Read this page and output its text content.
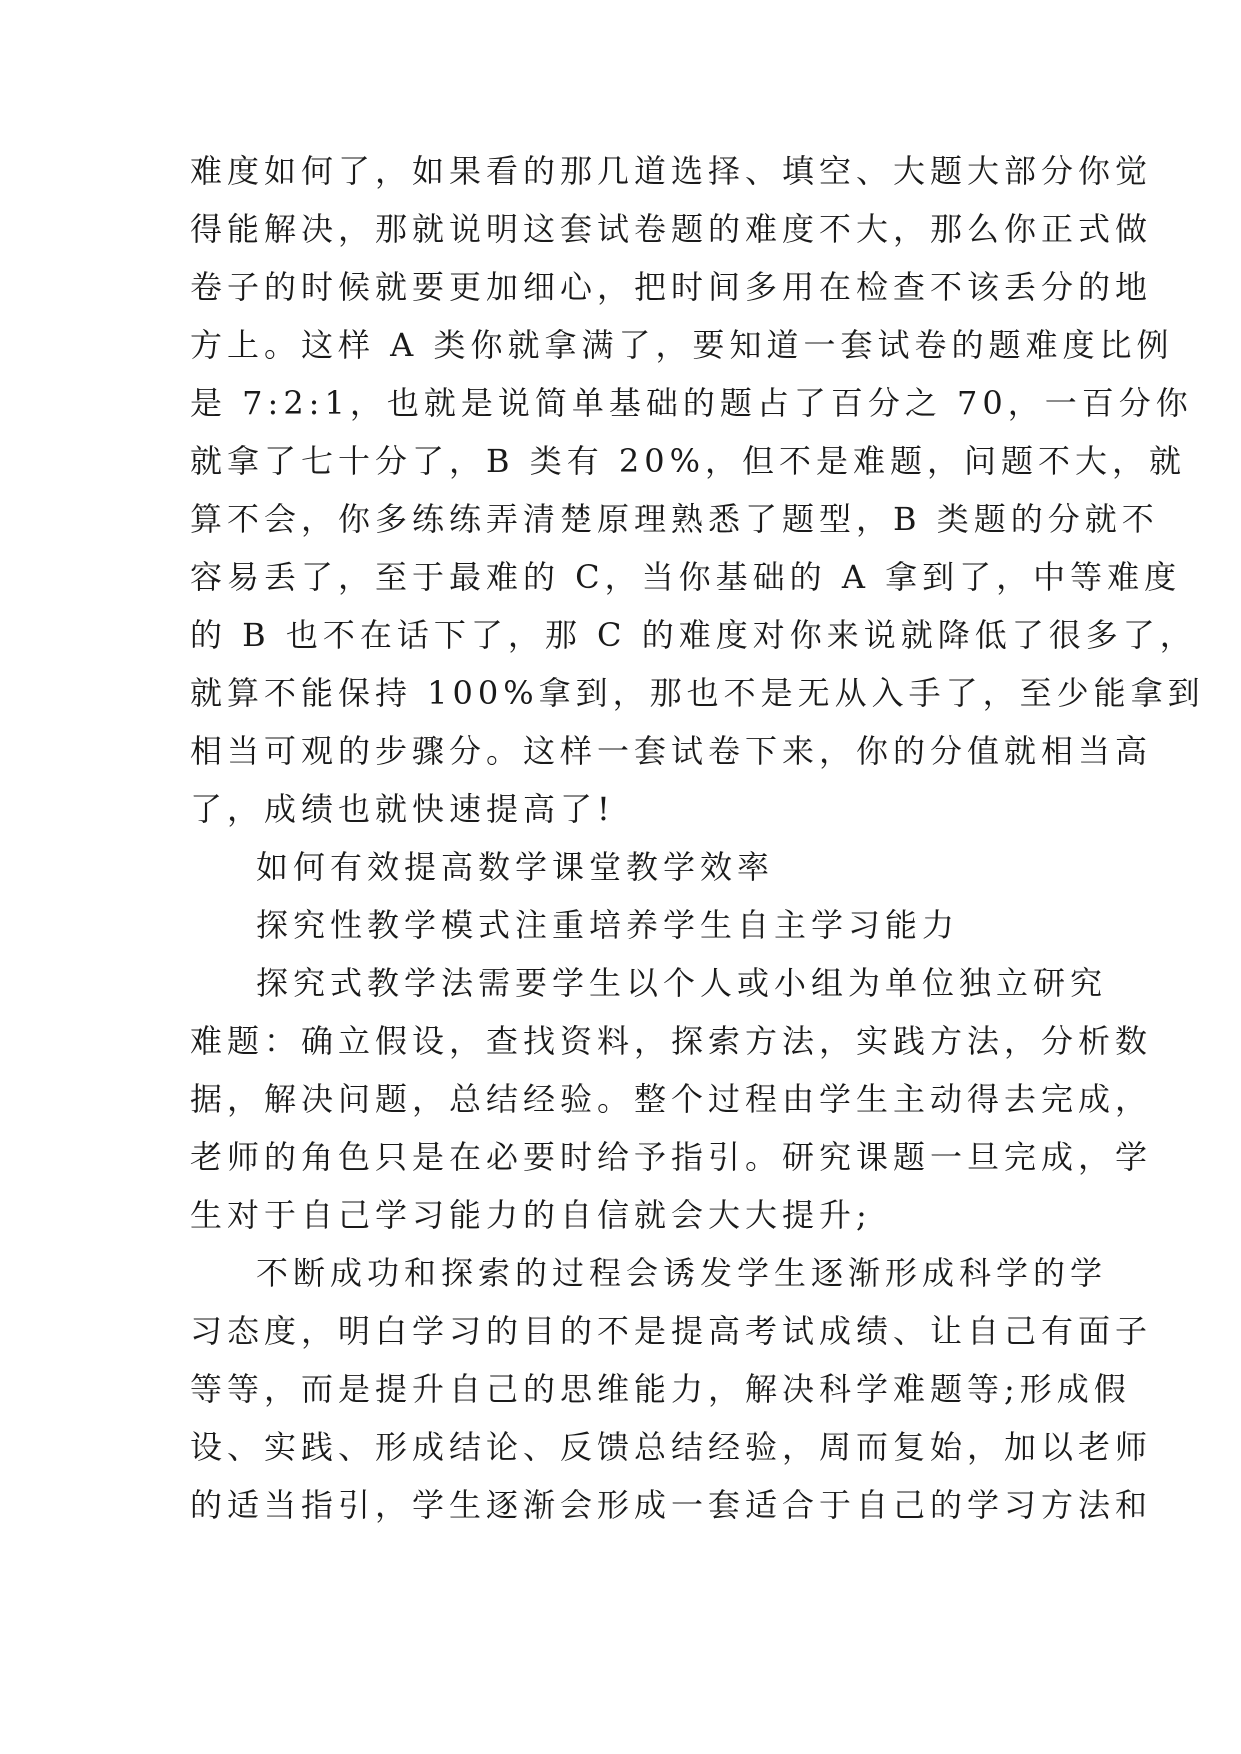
难度如何了，如果看的那几道选择、填空、大题大部分你觉
得能解决，那就说明这套试卷题的难度不大，那么你正式做
卷子的时候就要更加细心，把时间多用在检查不该丢分的地
方上。这样 A 类你就拿满了，要知道一套试卷的题难度比例
是 7:2:1，也就是说简单基础的题占了百分之 70，一百分你
就拿了七十分了，B 类有 20%，但不是难题，问题不大，就
算不会，你多练练弄清楚原理熟悉了题型，B 类题的分就不
容易丢了，至于最难的 C，当你基础的 A 拿到了，中等难度
的 B 也不在话下了，那 C 的难度对你来说就降低了很多了，
就算不能保持 100%拿到，那也不是无从入手了，至少能拿到
相当可观的步骤分。这样一套试卷下来，你的分值就相当高
了，成绩也就快速提高了!
如何有效提高数学课堂教学效率
探究性教学模式注重培养学生自主学习能力
探究式教学法需要学生以个人或小组为单位独立研究
难题：确立假设，查找资料，探索方法，实践方法，分析数
据，解决问题，总结经验。整个过程由学生主动得去完成，
老师的角色只是在必要时给予指引。研究课题一旦完成，学
生对于自己学习能力的自信就会大大提升;
不断成功和探索的过程会诱发学生逐渐形成科学的学
习态度，明白学习的目的不是提高考试成绩、让自己有面子
等等，而是提升自己的思维能力，解决科学难题等;形成假
设、实践、形成结论、反馈总结经验，周而复始，加以老师
的适当指引，学生逐渐会形成一套适合于自己的学习方法和
